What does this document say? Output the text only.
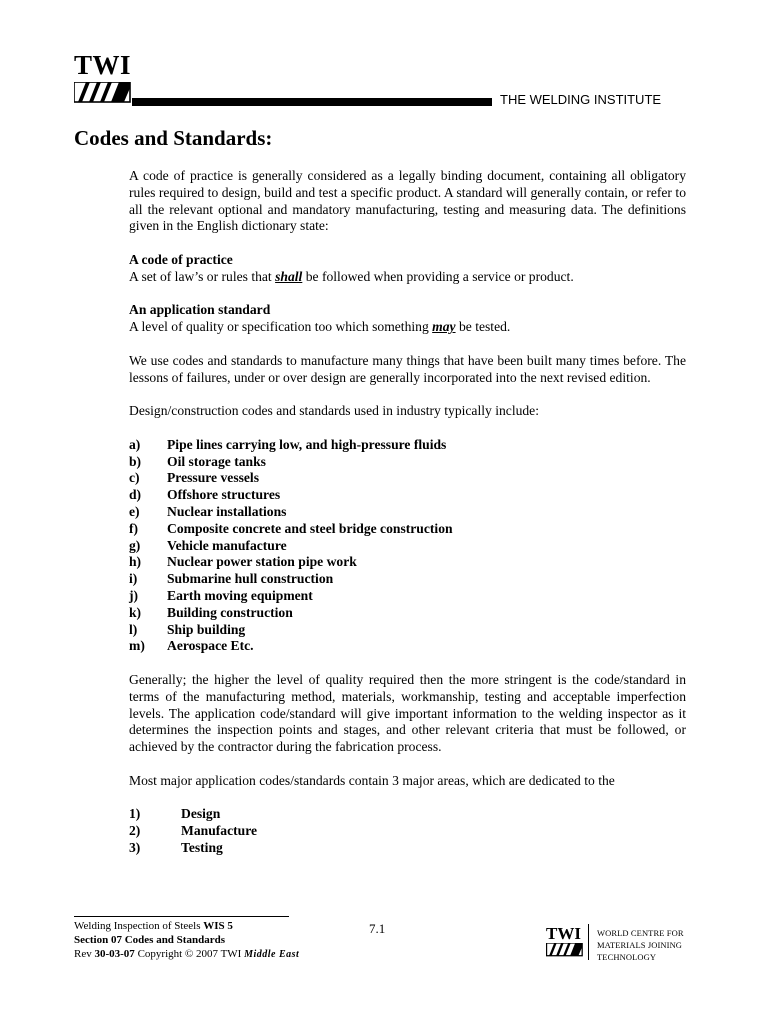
TWI
THE WELDING INSTITUTE
Codes and Standards:

A code of practice is generally considered as a legally binding document, containing all obligatory rules required to design, build and test a specific product. A standard will generally contain, or refer to all the relevant optional and mandatory manufacturing, testing and measuring data. The definitions given in the English dictionary state:

A code of practice

A set of law’s or rules that shall be followed when providing a service or product.

An application standard

A level of quality or specification too which something may be tested.

We use codes and standards to manufacture many things that have been built many times before. The lessons of failures, under or over design are generally incorporated into the next revised edition.

Design/construction codes and standards used in industry typically include:

a)	Pipe lines carrying low, and high-pressure fluids
b)	Oil storage tanks
c)	Pressure vessels
d)	Offshore structures
e)	Nuclear installations
f)	Composite concrete and steel bridge construction
g)	Vehicle manufacture
h)	Nuclear power station pipe work
i)	Submarine hull construction
j)	Earth moving equipment
k)	Building construction
l)	Ship building
m)	Aerospace Etc.

Generally; the higher the level of quality required then the more stringent is the code/standard in terms of the manufacturing method, materials, workmanship, testing and acceptable imperfection levels. The application code/standard will give important information to the welding inspector as it determines the inspection points and stages, and other relevant criteria that must be followed, or achieved by the contractor during the fabrication process.

Most major application codes/standards contain 3 major areas, which are dedicated to the

1)	Design
2)	Manufacture
3)	Testing
Welding Inspection of Steels WIS 5
Section 07 Codes and Standards
Rev 30-03-07 Copyright © 2007 TWI Middle East
7.1	TWI WORLD CENTRE FOR
MATERIALS JOINING
TECHNOLOGY
